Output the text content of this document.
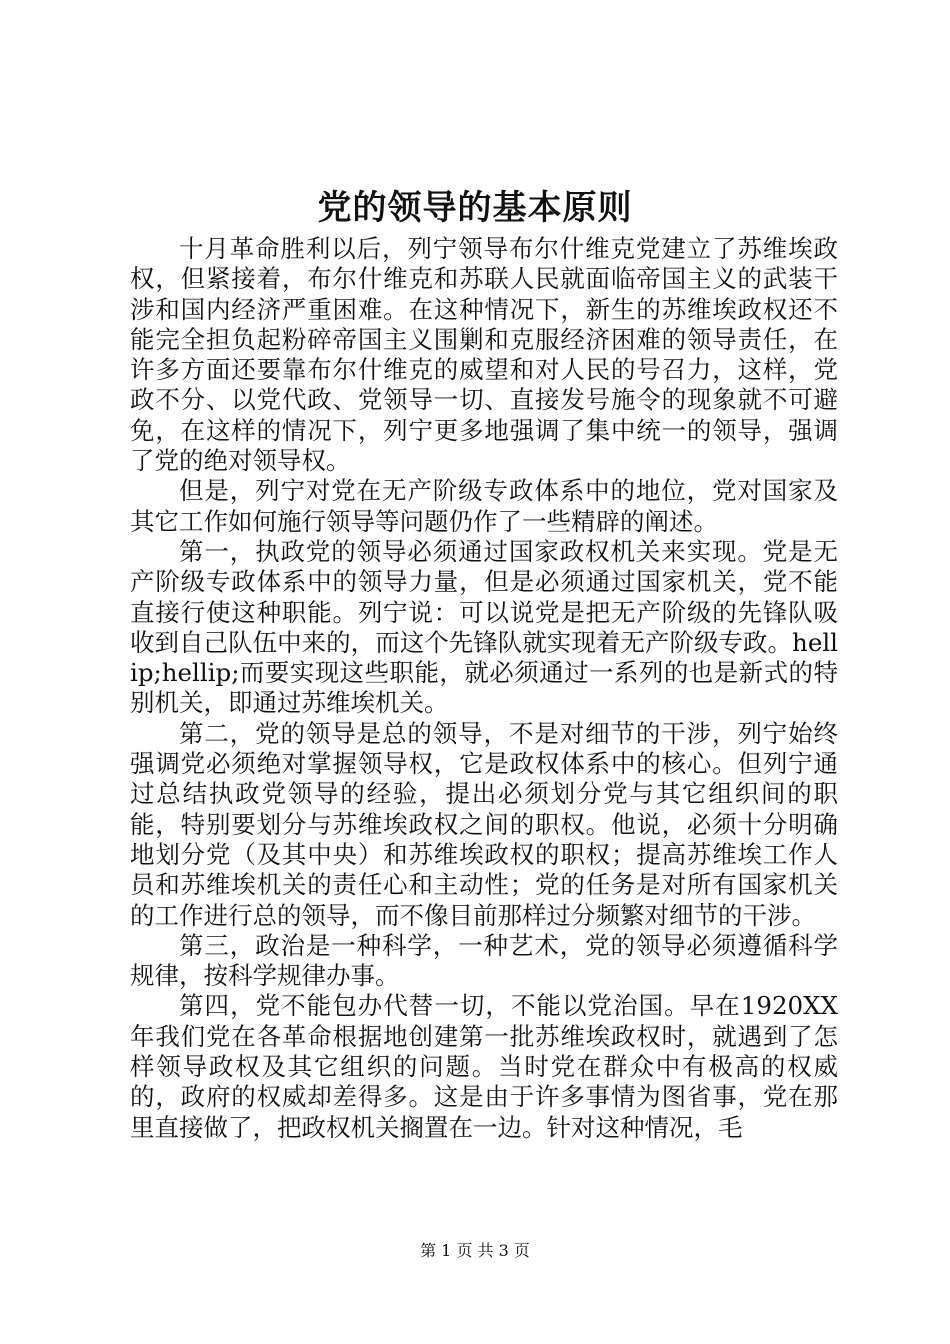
党的领导的基本原则

十月革命胜利以后，列宁领导布尔什维克党建立了苏维埃政权，但紧接着，布尔什维克和苏联人民就面临帝国主义的武装干涉和国内经济严重困难。在这种情况下，新生的苏维埃政权还不能完全担负起粉碎帝国主义围剿和克服经济困难的领导责任，在许多方面还要靠布尔什维克的威望和对人民的号召力，这样，党政不分、以党代政、党领导一切、直接发号施令的现象就不可避免，在这样的情况下，列宁更多地强调了集中统一的领导，强调了党的绝对领导权。

但是，列宁对党在无产阶级专政体系中的地位，党对国家及其它工作如何施行领导等问题仍作了一些精辟的阐述。

第一，执政党的领导必须通过国家政权机关来实现。党是无产阶级专政体系中的领导力量，但是必须通过国家机关，党不能直接行使这种职能。列宁说：可以说党是把无产阶级的先锋队吸收到自己队伍中来的，而这个先锋队就实现着无产阶级专政。hellip;hellip;而要实现这些职能，就必须通过一系列的也是新式的特别机关，即通过苏维埃机关。

第二，党的领导是总的领导，不是对细节的干涉，列宁始终强调党必须绝对掌握领导权，它是政权体系中的核心。但列宁通过总结执政党领导的经验，提出必须划分党与其它组织间的职能，特别要划分与苏维埃政权之间的职权。他说，必须十分明确地划分党（及其中央）和苏维埃政权的职权；提高苏维埃工作人员和苏维埃机关的责任心和主动性；党的任务是对所有国家机关的工作进行总的领导，而不像目前那样过分频繁对细节的干涉。

第三，政治是一种科学，一种艺术，党的领导必须遵循科学规律，按科学规律办事。

第四，党不能包办代替一切，不能以党治国。早在1920XX年我们党在各革命根据地创建第一批苏维埃政权时，就遇到了怎样领导政权及其它组织的问题。当时党在群众中有极高的权威的，政府的权威却差得多。这是由于许多事情为图省事，党在那里直接做了，把政权机关搁置在一边。针对这种情况，毛

第 1 页 共 3 页
